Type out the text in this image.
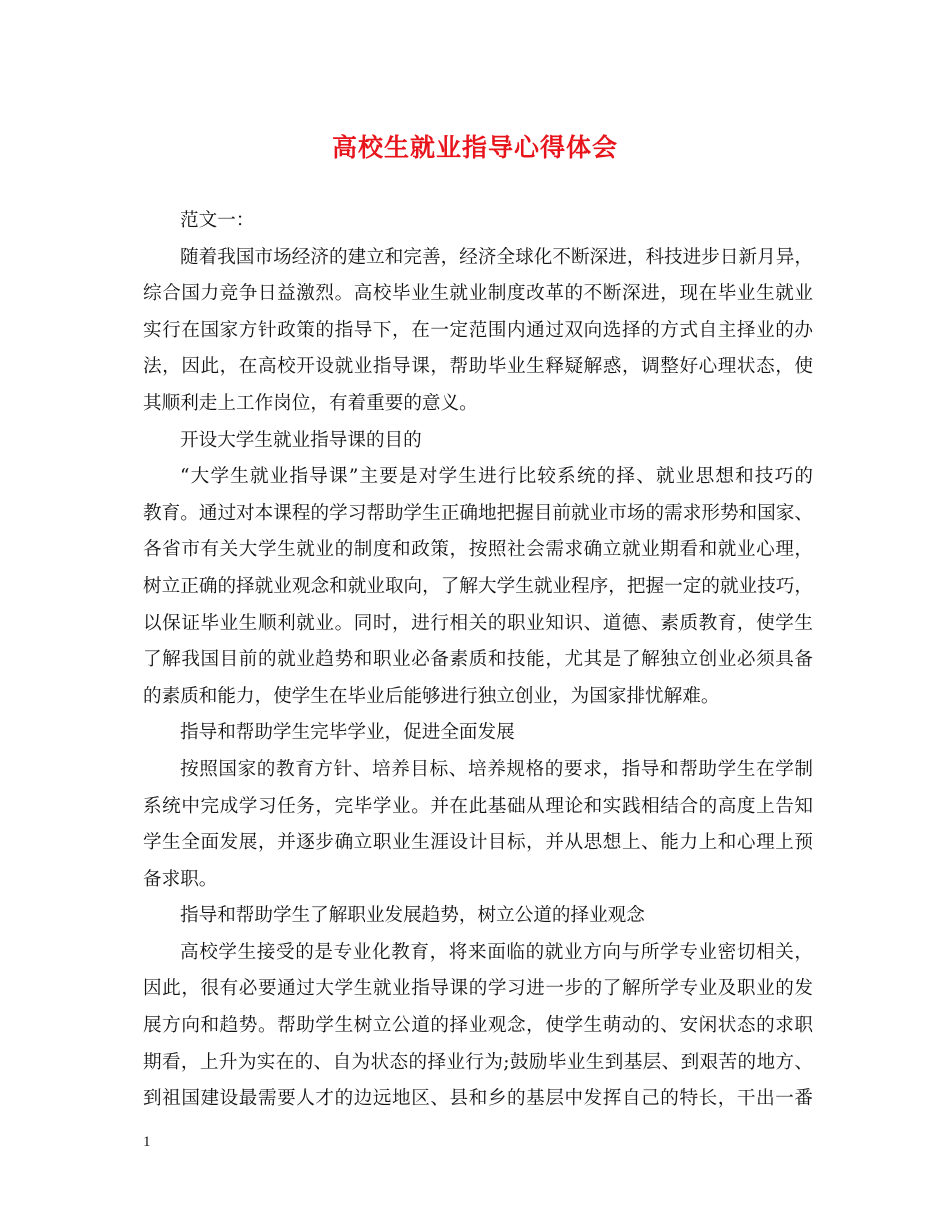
高校生就业指导心得体会

范文一：

随着我国市场经济的建立和完善，经济全球化不断深进，科技进步日新月异，
综合国力竞争日益激烈。高校毕业生就业制度改革的不断深进，现在毕业生就业
实行在国家方针政策的指导下，在一定范围内通过双向选择的方式自主择业的办
法，因此，在高校开设就业指导课，帮助毕业生释疑解惑，调整好心理状态，使
其顺利走上工作岗位，有着重要的意义。

开设大学生就业指导课的目的

“大学生就业指导课”主要是对学生进行比较系统的择、就业思想和技巧的
教育。通过对本课程的学习帮助学生正确地把握目前就业市场的需求形势和国家、
各省市有关大学生就业的制度和政策，按照社会需求确立就业期看和就业心理，
树立正确的择就业观念和就业取向，了解大学生就业程序，把握一定的就业技巧，
以保证毕业生顺利就业。同时，进行相关的职业知识、道德、素质教育，使学生
了解我国目前的就业趋势和职业必备素质和技能，尤其是了解独立创业必须具备
的素质和能力，使学生在毕业后能够进行独立创业，为国家排忧解难。

指导和帮助学生完毕学业，促进全面发展

按照国家的教育方针、培养目标、培养规格的要求，指导和帮助学生在学制
系统中完成学习任务，完毕学业。并在此基础从理论和实践相结合的高度上告知
学生全面发展，并逐步确立职业生涯设计目标，并从思想上、能力上和心理上预
备求职。

指导和帮助学生了解职业发展趋势，树立公道的择业观念

高校学生接受的是专业化教育，将来面临的就业方向与所学专业密切相关，
因此，很有必要通过大学生就业指导课的学习进一步的了解所学专业及职业的发
展方向和趋势。帮助学生树立公道的择业观念，使学生萌动的、安闲状态的求职
期看，上升为实在的、自为状态的择业行为;鼓励毕业生到基层、到艰苦的地方、
到祖国建设最需要人才的边远地区、县和乡的基层中发挥自己的特长，干出一番

1
